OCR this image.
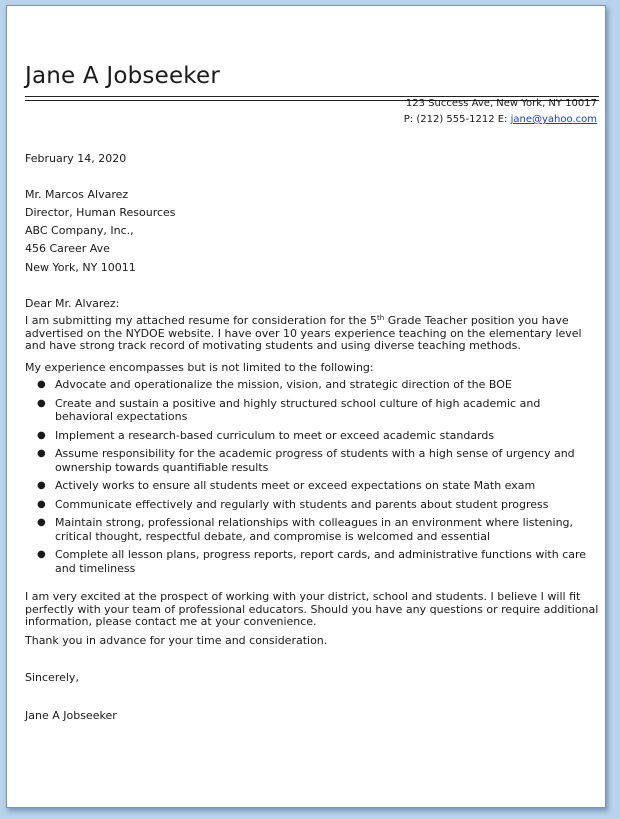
Jane A Jobseeker
123 Success Ave, New York, NY 10017
P: (212) 555-1212 E: jane@yahoo.com
February 14, 2020
Mr. Marcos Alvarez
Director, Human Resources
ABC Company, Inc.,
456 Career Ave
New York, NY 10011
Dear Mr. Alvarez:
I am submitting my attached resume for consideration for the 5th Grade Teacher position you have advertised on the NYDOE website. I have over 10 years experience teaching on the elementary level and have strong track record of motivating students and using diverse teaching methods.
My experience encompasses but is not limited to the following:
● Advocate and operationalize the mission, vision, and strategic direction of the BOE
● Create and sustain a positive and highly structured school culture of high academic and behavioral expectations
● Implement a research-based curriculum to meet or exceed academic standards
● Assume responsibility for the academic progress of students with a high sense of urgency and ownership towards quantifiable results
● Actively works to ensure all students meet or exceed expectations on state Math exam
● Communicate effectively and regularly with students and parents about student progress
● Maintain strong, professional relationships with colleagues in an environment where listening, critical thought, respectful debate, and compromise is welcomed and essential
● Complete all lesson plans, progress reports, report cards, and administrative functions with care and timeliness
I am very excited at the prospect of working with your district, school and students. I believe I will fit perfectly with your team of professional educators. Should you have any questions or require additional information, please contact me at your convenience.
Thank you in advance for your time and consideration.
Sincerely,
Jane A Jobseeker
